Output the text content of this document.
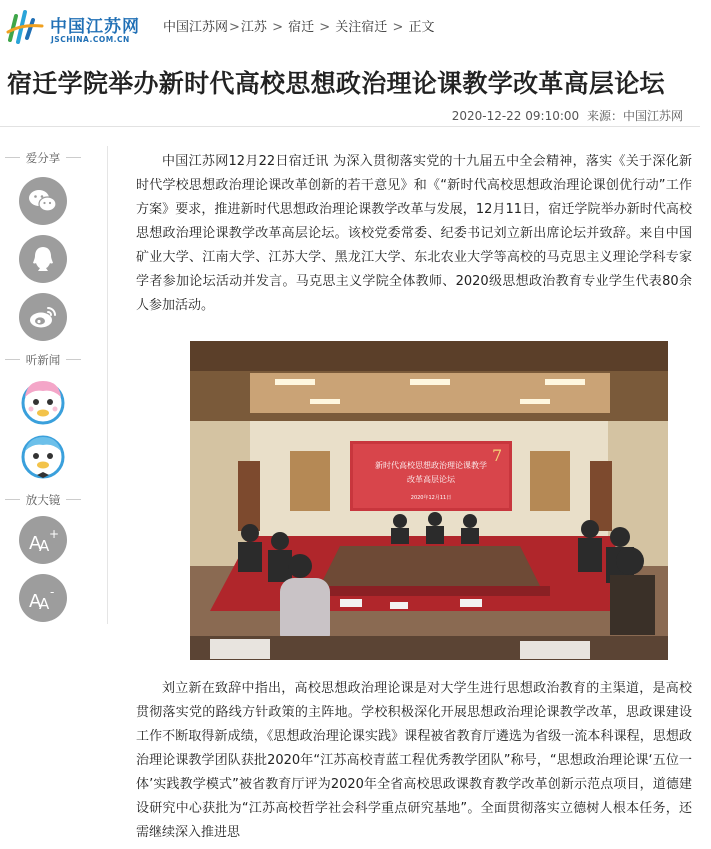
中国江苏网
JSCHINA.COM.CN
中国江苏网>江苏 > 宿迁 > 关注宿迁 > 正文
宿迁学院举办新时代高校思想政治理论课教学改革高层论坛
2020-12-22 09:10:00 来源：中国江苏网
爱分享
听新闻
放大镜
A
A
+
A
A
-

中国江苏网12月22日宿迁讯 为深入贯彻落实党的十九届五中全会精神，落实《关于深化新时代学校思想政治理论课改革创新的若干意见》和《“新时代高校思想政治理论课创优行动”工作方案》要求，推进新时代思想政治理论课教学改革与发展，12月11日，宿迁学院举办新时代高校思想政治理论课教学改革高层论坛。该校党委常委、纪委书记刘立新出席论坛并致辞。来自中国矿业大学、江南大学、江苏大学、黑龙江大学、东北农业大学等高校的马克思主义理论学科专家学者参加论坛活动并发言。马克思主义学院全体教师、2020级思想政治教育专业学生代表80余人参加活动。

新时代高校思想政治理论课教学
改革高层论坛
2020年12月11日
7

刘立新在致辞中指出，高校思想政治理论课是对大学生进行思想政治教育的主渠道，是高校贯彻落实党的路线方针政策的主阵地。学校积极深化开展思想政治理论课教学改革，思政课建设工作不断取得新成绩，《思想政治理论课实践》课程被省教育厅遴选为省级一流本科课程，思想政治理论课教学团队获批2020年“江苏高校青蓝工程优秀教学团队”称号，“思想政治理论课‘五位一体’实践教学模式”被省教育厅评为2020年全省高校思政课教育教学改革创新示范点项目，道德建设研究中心获批为“江苏高校哲学社会科学重点研究基地”。全面贯彻落实立德树人根本任务，还需继续深入推进思
